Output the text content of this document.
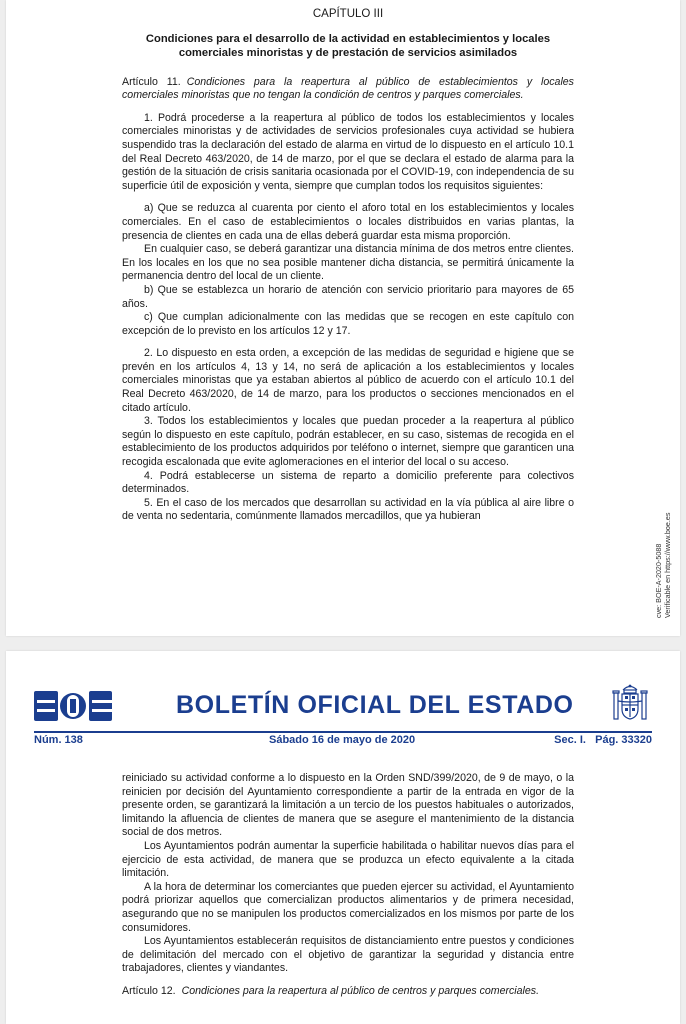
CAPÍTULO III

Condiciones para el desarrollo de la actividad en establecimientos y locales comerciales minoristas y de prestación de servicios asimilados

Artículo 11. Condiciones para la reapertura al público de establecimientos y locales comerciales minoristas que no tengan la condición de centros y parques comerciales.

1. Podrá procederse a la reapertura al público de todos los establecimientos y locales comerciales minoristas y de actividades de servicios profesionales cuya actividad se hubiera suspendido tras la declaración del estado de alarma en virtud de lo dispuesto en el artículo 10.1 del Real Decreto 463/2020, de 14 de marzo, por el que se declara el estado de alarma para la gestión de la situación de crisis sanitaria ocasionada por el COVID-19, con independencia de su superficie útil de exposición y venta, siempre que cumplan todos los requisitos siguientes:

a) Que se reduzca al cuarenta por ciento el aforo total en los establecimientos y locales comerciales. En el caso de establecimientos o locales distribuidos en varias plantas, la presencia de clientes en cada una de ellas deberá guardar esta misma proporción.

En cualquier caso, se deberá garantizar una distancia mínima de dos metros entre clientes. En los locales en los que no sea posible mantener dicha distancia, se permitirá únicamente la permanencia dentro del local de un cliente.

b) Que se establezca un horario de atención con servicio prioritario para mayores de 65 años.

c) Que cumplan adicionalmente con las medidas que se recogen en este capítulo con excepción de lo previsto en los artículos 12 y 17.

2. Lo dispuesto en esta orden, a excepción de las medidas de seguridad e higiene que se prevén en los artículos 4, 13 y 14, no será de aplicación a los establecimientos y locales comerciales minoristas que ya estaban abiertos al público de acuerdo con el artículo 10.1 del Real Decreto 463/2020, de 14 de marzo, para los productos o secciones mencionados en el citado artículo.

3. Todos los establecimientos y locales que puedan proceder a la reapertura al público según lo dispuesto en este capítulo, podrán establecer, en su caso, sistemas de recogida en el establecimiento de los productos adquiridos por teléfono o internet, siempre que garanticen una recogida escalonada que evite aglomeraciones en el interior del local o su acceso.

4. Podrá establecerse un sistema de reparto a domicilio preferente para colectivos determinados.

5. En el caso de los mercados que desarrollan su actividad en la vía pública al aire libre o de venta no sedentaria, comúnmente llamados mercadillos, que ya hubieran

cve: BOE-A-2020-5088 Verificable en https://www.boe.es
BOE
BOLETÍN OFICIAL DEL ESTADO
Núm. 138	Sábado 16 de mayo de 2020	Sec. I.   Pág. 33320

reiniciado su actividad conforme a lo dispuesto en la Orden SND/399/2020, de 9 de mayo, o la reinicien por decisión del Ayuntamiento correspondiente a partir de la entrada en vigor de la presente orden, se garantizará la limitación a un tercio de los puestos habituales o autorizados, limitando la afluencia de clientes de manera que se asegure el mantenimiento de la distancia social de dos metros.

Los Ayuntamientos podrán aumentar la superficie habilitada o habilitar nuevos días para el ejercicio de esta actividad, de manera que se produzca un efecto equivalente a la citada limitación.

A la hora de determinar los comerciantes que pueden ejercer su actividad, el Ayuntamiento podrá priorizar aquellos que comercializan productos alimentarios y de primera necesidad, asegurando que no se manipulen los productos comercializados en los mismos por parte de los consumidores.

Los Ayuntamientos establecerán requisitos de distanciamiento entre puestos y condiciones de delimitación del mercado con el objetivo de garantizar la seguridad y distancia entre trabajadores, clientes y viandantes.

Artículo 12. Condiciones para la reapertura al público de centros y parques comerciales.
